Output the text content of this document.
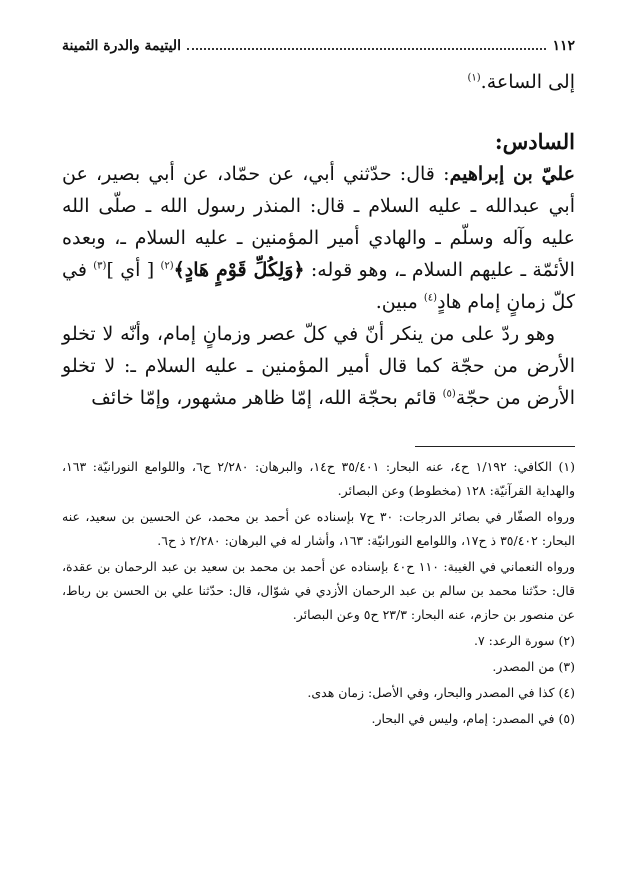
١١٢
اليتيمة والدرة الثمينة

إلى الساعة.$^{(١)}$

السادس:

عليّ بن إبراهيم: قال: حدّثني أبي، عن حمّاد، عن أبي بصير، عن أبي عبدالله ـ عليه السلام ـ قال: المنذر رسول الله ـ صلّى الله عليه وآله وسلّم ـ والهادي أمير المؤمنين ـ عليه السلام ـ، وبعده الأئمّة ـ عليهم السلام ـ، وهو قوله: ﴿وَلِكُلِّ قَوْمٍ هَادٍ﴾$^{(٢)}$ [ أي ]$^{(٣)}$ في كلّ زمانٍ إمام هادٍ$^{(٤)}$ مبين.

وهو ردّ على من ينكر أنّ في كلّ عصر وزمانٍ إمام، وأنّه لا تخلو الأرض من حجّة كما قال أمير المؤمنين ـ عليه السلام ـ: لا تخلو الأرض من حجّة$^{(٥)}$ قائم بحجّة الله، إمّا ظاهر مشهور، وإمّا خائف

(١) الكافي: ١/١٩٢ ح٤، عنه البحار: ٣٥/٤٠١ ح١٤، والبرهان: ٢/٢٨٠ ح٦، واللوامع النورانيّة: ١٦٣، والهداية القرآنيّة: ١٢٨ (مخطوط) وعن البصائر.

ورواه الصفّار في بصائر الدرجات: ٣٠ ح٧ بإسناده عن أحمد بن محمد، عن الحسين بن سعيد، عنه البحار: ٣٥/٤٠٢ ذ ح١٧، واللوامع النورانيّة: ١٦٣، وأشار له في البرهان: ٢/٢٨٠ ذ ح٦.

ورواه النعماني في الغيبة: ١١٠ ح٤٠ بإسناده عن أحمد بن محمد بن سعيد بن عبد الرحمان بن عقدة، قال: حدّثنا محمد بن سالم بن عبد الرحمان الأزدي في شوّال، قال: حدّثنا علي بن الحسن بن رباط، عن منصور بن حازم، عنه البحار: ٢٣/٣ ح٥ وعن البصائر.

(٢) سورة الرعد: ٧.

(٣) من المصدر.

(٤) كذا في المصدر والبحار، وفي الأصل: زمان هدى.

(٥) في المصدر: إمام، وليس في البحار.
